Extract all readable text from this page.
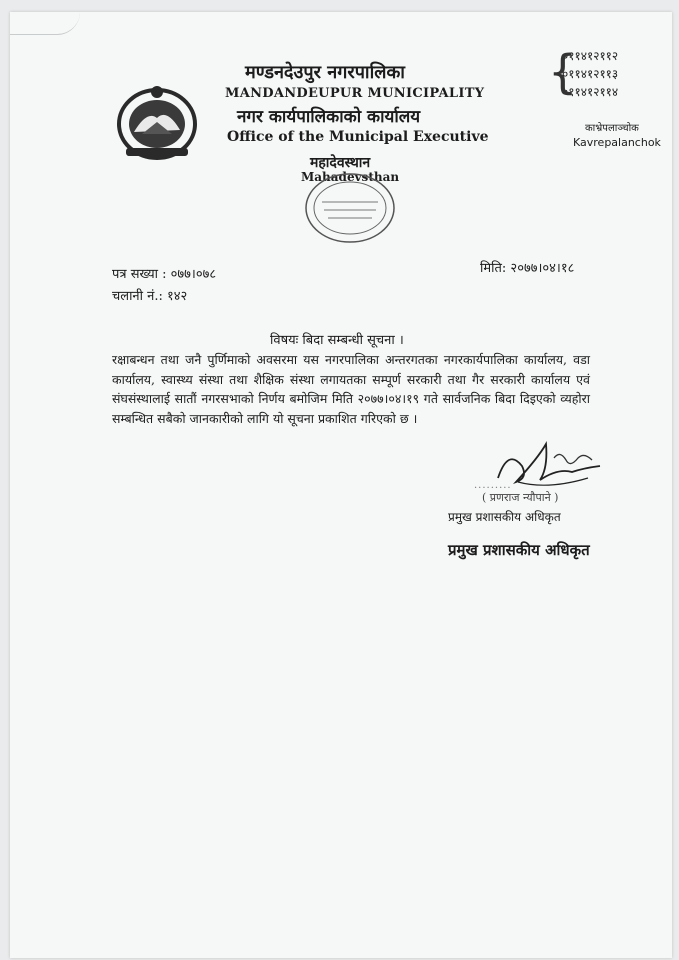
मण्डनदेउपुर नगरपालिका
MANDANDEUPUR MUNICIPALITY
नगर कार्यपालिकाको कार्यालय
Office of the Municipal Executive
महादेवस्थान
Mahadevsthan
{
०११४१२११२
०११४१२११३
०११४१२११४
काभ्रेपलाञ्चोक
Kavrepalanchok
पत्र सख्या : ०७७।०७८
चलानी नं.: १४२
मिति: २०७७।०४।१८
विषयः बिदा सम्बन्धी सूचना ।
रक्षाबन्धन तथा जनै पुर्णिमाको अवसरमा यस नगरपालिका अन्तरगतका नगरकार्यपालिका कार्यालय, वडा कार्यालय, स्वास्थ्य संस्था तथा शैक्षिक संस्था लगायतका सम्पूर्ण सरकारी तथा गैर सरकारी कार्यालय एवं संघसंस्थालाई सातौं नगरसभाको निर्णय बमोजिम मिति २०७७।०४।१९ गते सार्वजनिक बिदा दिइएको व्यहोरा सम्बन्धित सबैको जानकारीको लागि यो सूचना प्रकाशित गरिएको छ ।
.........
( प्रणराज न्यौपाने )
प्रमुख प्रशासकीय अधिकृत
प्रमुख प्रशासकीय अधिकृत
